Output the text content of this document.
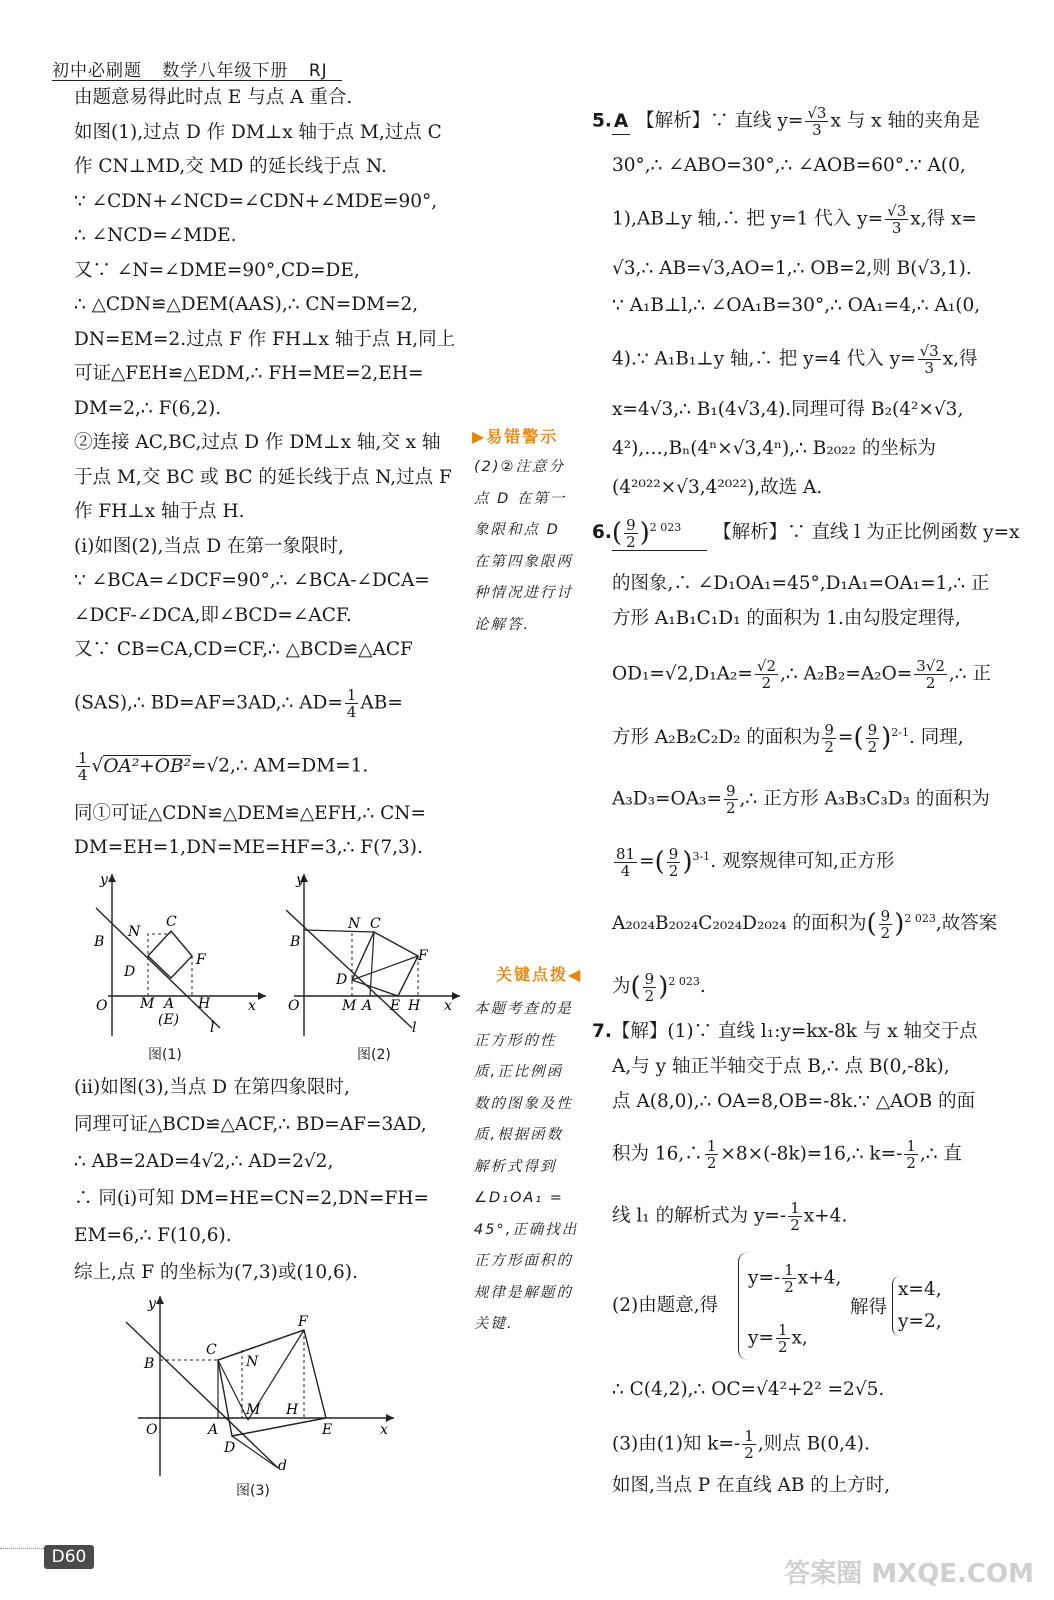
初中必刷题 数学八年级下册 RJ
由题意易得此时点 E 与点 A 重合.
如图(1),过点 D 作 DM⊥x 轴于点 M,过点 C
作 CN⊥MD,交 MD 的延长线于点 N.
∵ ∠CDN+∠NCD=∠CDN+∠MDE=90°,
∴ ∠NCD=∠MDE.
又∵ ∠N=∠DME=90°,CD=DE,
∴ △CDN≌△DEM(AAS),∴ CN=DM=2,
DN=EM=2.过点 F 作 FH⊥x 轴于点 H,同上
可证△FEH≌△EDM,∴ FH=ME=2,EH=
DM=2,∴ F(6,2).
②连接 AC,BC,过点 D 作 DM⊥x 轴,交 x 轴
于点 M,交 BC 或 BC 的延长线于点 N,过点 F
作 FH⊥x 轴于点 H.
(i)如图(2),当点 D 在第一象限时,
∵ ∠BCA=∠DCF=90°,∴ ∠BCA-∠DCA=
∠DCF-∠DCA,即∠BCD=∠ACF.
又∵ CB=CA,CD=CF,∴ △BCD≌△ACF
(SAS),∴ BD=AF=3AD,∴ $AD= \frac{1}{4} AB=$
$\frac{1}{4}$ √OA²+OB²=√2,∴ AM=DM=1.
同①可证△CDN≌△DEM≌△EFH,∴ CN=
DM=EH=1,DN=ME=HF=3,∴ F(7,3).
(ii)如图(3),当点 D 在第四象限时,
同理可证△BCD≌△ACF,∴ BD=AF=3AD,
∴ AB=2AD=4√2,∴ AD=2√2,
∴ 同(i)可知 DM=HE=CN=2,DN=FH=
EM=6,∴ F(10,6).
综上,点 F 的坐标为(7,3)或(10,6).
y
x
O
B
N
C
D
F
M A H
(E) l
图(1)
y
x
O
B
N C
D
F
M A E H
l
图(2)
y
x
O
B
C
N
F
M H
A	E
D
d
图(3)
▶易错警示
(2)②注意分
点 D 在第一
象限和点 D
在第四象限两
种情况进行讨
论解答.
关键点拨◀
本题考查的是
正方形的性
质,正比例函
数的图象及性
质,根据函数
解析式得到
∠D₁OA₁ =
45°,正确找出
正方形面积的
规律是解题的
关键.
5. A 【解析】∵ 直线 $y= \frac{√3}{3}$ x 与 x 轴的夹角是
30°,∴ ∠ABO=30°,∴ ∠AOB=60°.∵ A(0,
1),AB⊥y 轴,∴ 把 y=1 代入 $y= \frac{√3}{3} x$,得 x=
√3,∴ AB=√3,AO=1,∴ OB=2,则 B(√3,1).
∵ A₁B⊥l,∴ ∠OA₁B=30°,∴ OA₁=4,∴ A₁(0,
4).∵ A₁B₁⊥y 轴,∴ 把 y=4 代入 $y= \frac{√3}{3} x$,得
x=4√3,∴ B₁(4√3,4).同理可得 B₂(4²×√3,
4²),…,Bₙ(4ⁿ×√3,4ⁿ),∴ B₂₀₂₂ 的坐标为
(4²⁰²²×√3,4²⁰²²),故选 A.
$6.( \frac{9}{2} )^{2 023}$ 【解析】∵ 直线 l 为正比例函数 y=x
的图象,∴ ∠D₁OA₁=45°,D₁A₁=OA₁=1,∴ 正
方形 A₁B₁C₁D₁ 的面积为 1.由勾股定理得,
$OD_1=√2,D_1A_2= \frac{√2}{2}$ ,∴ $A_2B_2=A_2O= \frac{3√2}{2}$ ,∴ 正
方形 A₂B₂C₂D₂ 的面积为 $\frac{9}{2}$ =( $\frac{9}{2} )^{2-1}$. 同理,
$A_3D_3=OA_3= \frac{9}{2}$ ,∴ 正方形 A₃B₃C₃D₃ 的面积为
$\frac{81}{4}$ =( $\frac{9}{2} )^{3-1}$. 观察规律可知,正方形
A₂₀₂₄B₂₀₂₄C₂₀₂₄D₂₀₂₄ 的面积为( $\frac{9}{2} )^{2 023}$,故答案
为( $\frac{9}{2} )^{2 023}$.
7.【解】(1)∵ 直线 l₁:y=kx-8k 与 x 轴交于点
A,与 y 轴正半轴交于点 B,∴ 点 B(0,-8k),
点 A(8,0),∴ OA=8,OB=-8k.∵ △AOB 的面
积为 16,∴ $\frac{1}{2}$ ×8×(-8k)=16,∴ $k=- \frac{1}{2}$ ,∴ 直
线 l₁ 的解析式为 $y=- \frac{1}{2} x+4$.
(2)由题意,得
$y=- \frac{1}{2} x+4$,
$y= \frac{1}{2} x$,
解得
x=4,
y=2,
∴ C(4,2),∴ OC=√4²+2² =2√5.
(3)由(1)知 $k=- \frac{1}{2}$ ,则点 B(0,4).
如图,当点 P 在直线 AB 的上方时,
D60
答案圈 MXQE.COM
